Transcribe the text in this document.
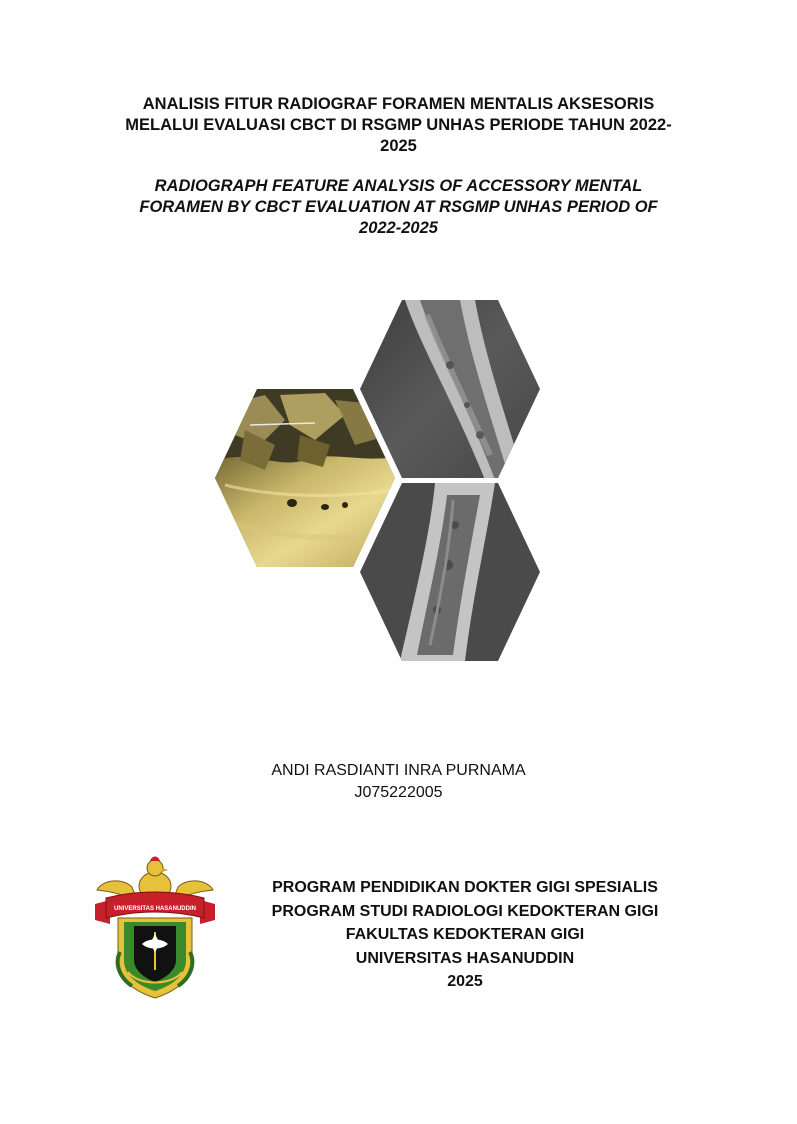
ANALISIS FITUR RADIOGRAF FORAMEN MENTALIS AKSESORIS
MELALUI EVALUASI CBCT DI RSGMP UNHAS PERIODE TAHUN 2022-
2025
RADIOGRAPH FEATURE ANALYSIS OF ACCESSORY MENTAL
FORAMEN BY CBCT EVALUATION AT RSGMP UNHAS PERIOD OF
2022-2025
ANDI RASDIANTI INRA PURNAMA
J075222005
UNIVERSITAS HASANUDDIN
PROGRAM PENDIDIKAN DOKTER GIGI SPESIALIS
PROGRAM STUDI RADIOLOGI KEDOKTERAN GIGI
FAKULTAS KEDOKTERAN GIGI
UNIVERSITAS HASANUDDIN
2025
